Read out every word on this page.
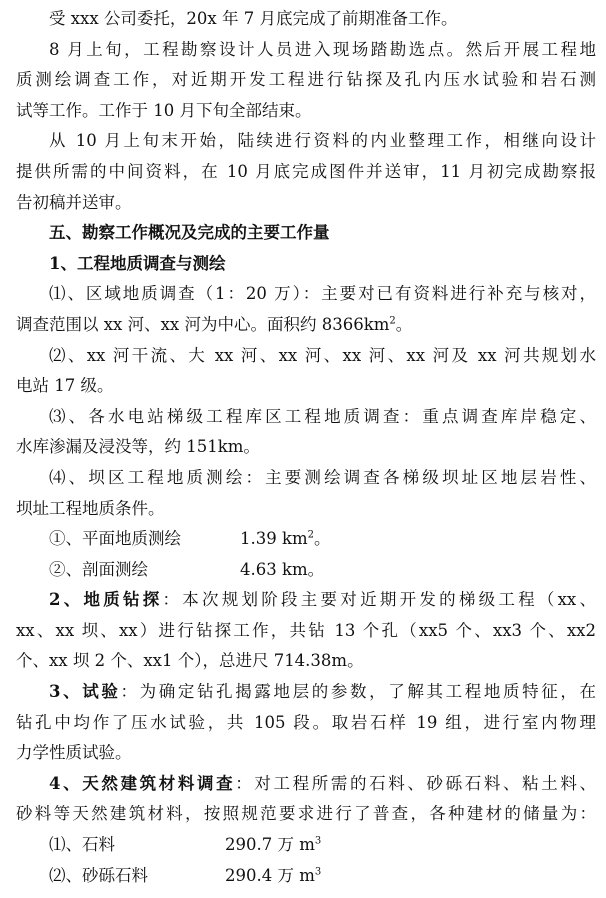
受 xxx 公司委托，20x 年 7 月底完成了前期准备工作。
8 月上旬，工程勘察设计人员进入现场踏勘选点。然后开展工程地
质测绘调查工作，对近期开发工程进行钻探及孔内压水试验和岩石测
试等工作。工作于 10 月下旬全部结束。
从 10 月上旬末开始，陆续进行资料的内业整理工作，相继向设计
提供所需的中间资料，在 10 月底完成图件并送审，11 月初完成勘察报
告初稿并送审。
五、勘察工作概况及完成的主要工作量
1、工程地质调查与测绘
⑴、区域地质调查（1：20 万）：主要对已有资料进行补充与核对，
调查范围以 xx 河、xx 河为中心。面积约 $8366km^2$。
⑵、xx 河干流、大 xx 河、xx 河、xx 河、xx 河及 xx 河共规划水
电站 17 级。
⑶、各水电站梯级工程库区工程地质调查：重点调查库岸稳定、
水库渗漏及浸没等，约 151km。
⑷、坝区工程地质测绘：主要测绘调查各梯级坝址区地层岩性、
坝址工程地质条件。
①、平面地质测绘	1.39 $km^2$。
②、剖面测绘	4.63 km。
2、地质钻探：本次规划阶段主要对近期开发的梯级工程（xx、
xx、xx 坝、xx）进行钻探工作，共钻 13 个孔（xx5 个、xx3 个、xx2
个、xx 坝 2 个、xx1 个），总进尺 714.38m。
3、试验：为确定钻孔揭露地层的参数，了解其工程地质特征，在
钻孔中均作了压水试验，共 105 段。取岩石样 19 组，进行室内物理
力学性质试验。
4、天然建筑材料调查：对工程所需的石料、砂砾石料、粘土料、
砂料等天然建筑材料，按照规范要求进行了普查，各种建材的储量为：
⑴、石料	290.7 万 $m^3$
⑵、砂砾石料	290.4 万 $m^3$
